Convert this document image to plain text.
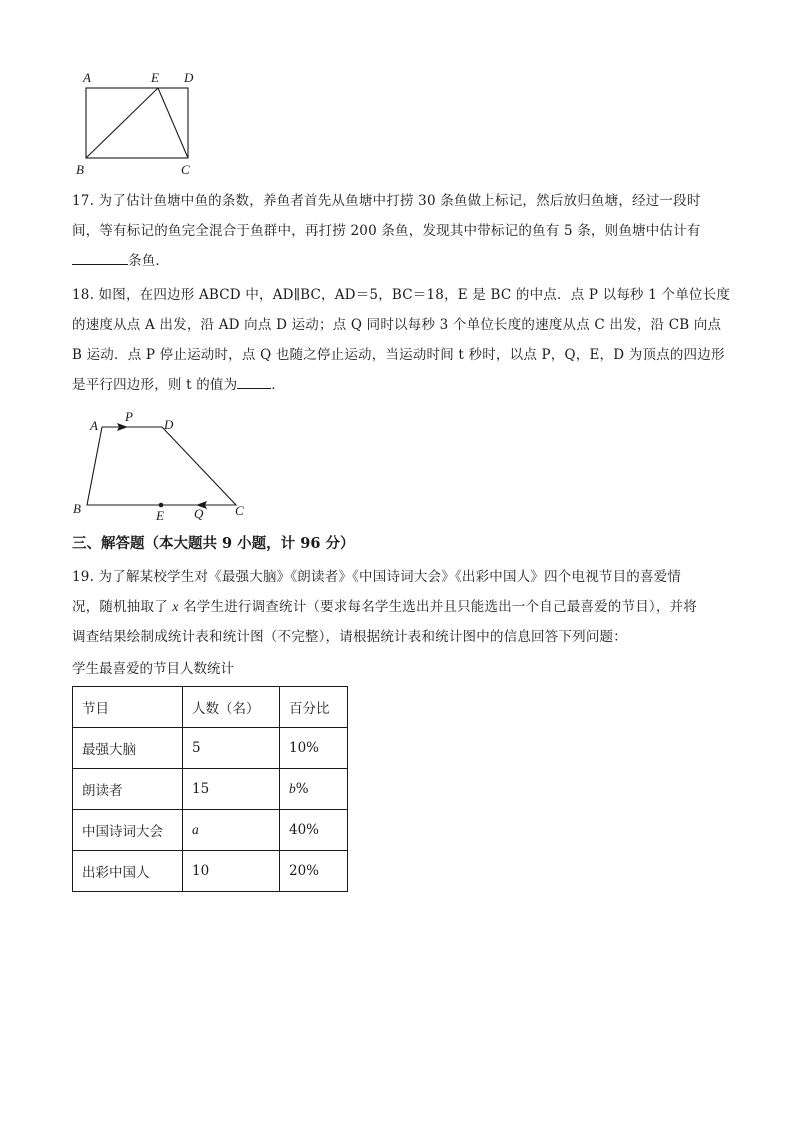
A	E D
B	C
17. 为了估计鱼塘中鱼的条数，养鱼者首先从鱼塘中打捞 30 条鱼做上标记，然后放归鱼塘，经过一段时
间，等有标记的鱼完全混合于鱼群中，再打捞 200 条鱼，发现其中带标记的鱼有 5 条，则鱼塘中估计有
条鱼．
18. 如图，在四边形 ABCD 中，AD∥BC，AD＝5，BC＝18，E 是 BC 的中点．点 P 以每秒 1 个单位长度
的速度从点 A 出发，沿 AD 向点 D 运动；点 Q 同时以每秒 3 个单位长度的速度从点 C 出发，沿 CB 向点
B 运动．点 P 停止运动时，点 Q 也随之停止运动，当运动时间 t 秒时，以点 P，Q，E，D 为顶点的四边形
是平行四边形，则 t 的值为	．
A
P
D
B	E Q C
三、解答题（本大题共 9 小题，计 96 分）
19. 为了解某校学生对《最强大脑》《朗读者》《中国诗词大会》《出彩中国人》四个电视节目的喜爱情
况，随机抽取了 x 名学生进行调查统计（要求每名学生选出并且只能选出一个自己最喜爱的节目），并将
调查结果绘制成统计表和统计图（不完整），请根据统计表和统计图中的信息回答下列问题：
学生最喜爱的节目人数统计
节目	人数（名）	百分比
最强大脑	5	10%
朗读者	15	b%
中国诗词大会	a	40%
出彩中国人	10	20%
